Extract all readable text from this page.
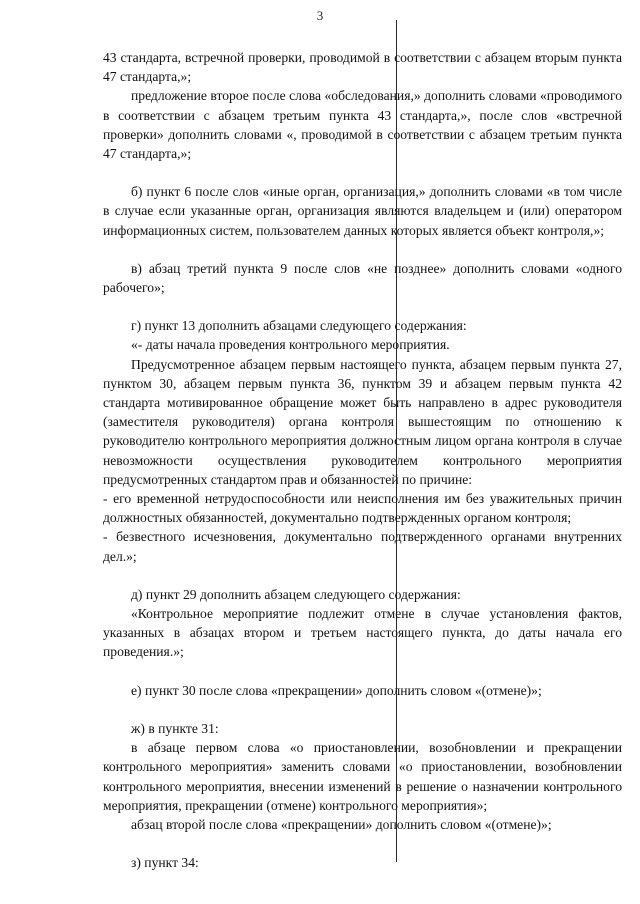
3

43 стандарта, встречной проверки, проводимой в соответствии с абзацем вторым пункта 47 стандарта,»;

предложение второе после слова «обследования,» дополнить словами «проводимого в соответствии с абзацем третьим пункта 43 стандарта,», после слов «встречной проверки» дополнить словами «, проводимой в соответствии с абзацем третьим пункта 47 стандарта,»;

б) пункт 6 после слов «иные орган, организация,» дополнить словами «в том числе в случае если указанные орган, организация являются владельцем и (или) оператором информационных систем, пользователем данных которых является объект контроля,»;

в) абзац третий пункта 9 после слов «не позднее» дополнить словами «одного рабочего»;

г) пункт 13 дополнить абзацами следующего содержания:

«- даты начала проведения контрольного мероприятия.

Предусмотренное абзацем первым настоящего пункта, абзацем первым пункта 27, пунктом 30, абзацем первым пункта 36, пунктом 39 и абзацем первым пункта 42 стандарта мотивированное обращение может быть направлено в адрес руководителя (заместителя руководителя) органа контроля вышестоящим по отношению к руководителю контрольного мероприятия должностным лицом органа контроля в случае невозможности осуществления руководителем контрольного мероприятия предусмотренных стандартом прав и обязанностей по причине:

- его временной нетрудоспособности или неисполнения им без уважительных причин должностных обязанностей, документально подтвержденных органом контроля;

- безвестного исчезновения, документально подтвержденного органами внутренних дел.»;

д) пункт 29 дополнить абзацем следующего содержания:

«Контрольное мероприятие подлежит отмене в случае установления фактов, указанных в абзацах втором и третьем настоящего пункта, до даты начала его проведения.»;

е) пункт 30 после слова «прекращении» дополнить словом «(отмене)»;

ж) в пункте 31:

в абзаце первом слова «о приостановлении, возобновлении и прекращении контрольного мероприятия» заменить словами «о приостановлении, возобновлении контрольного мероприятия, внесении изменений в решение о назначении контрольного мероприятия, прекращении (отмене) контрольного мероприятия»;

абзац второй после слова «прекращении» дополнить словом «(отмене)»;

з) пункт 34:
